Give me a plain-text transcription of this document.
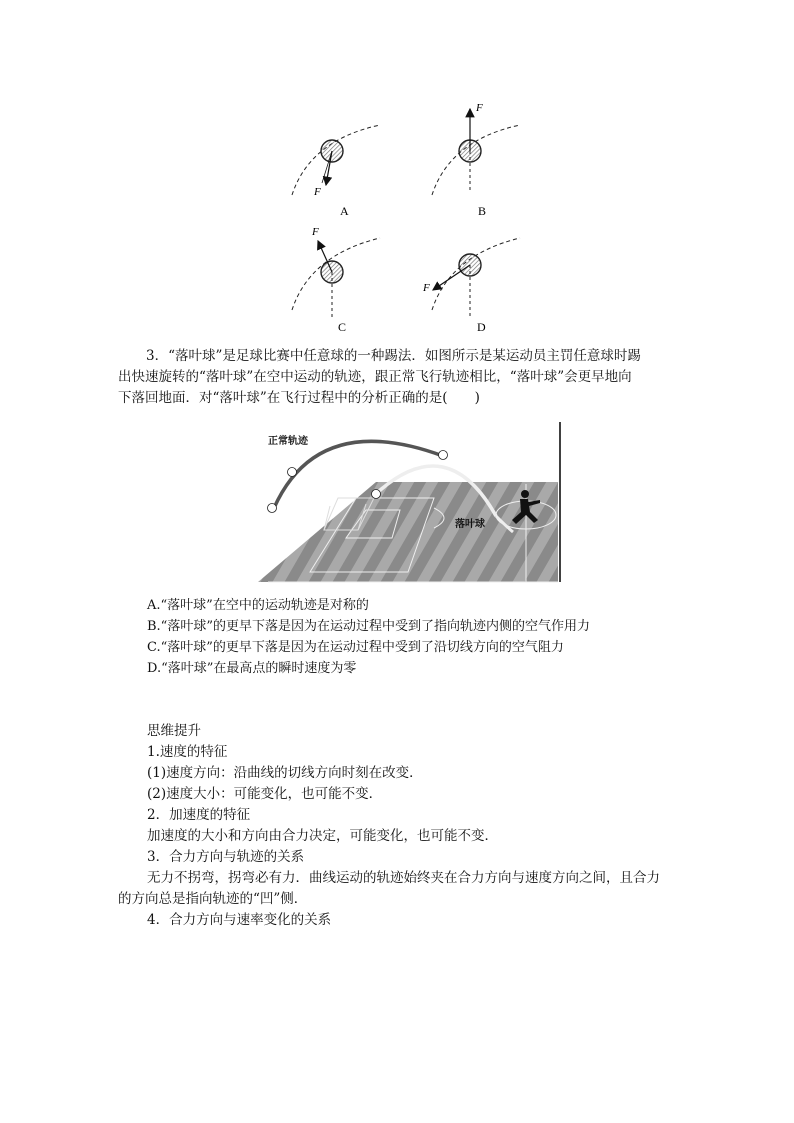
F
A
F
B
F
C
F
D
3．“落叶球”是足球比赛中任意球的一种踢法．如图所示是某运动员主罚任意球时踢
出快速旋转的“落叶球”在空中运动的轨迹，跟正常飞行轨迹相比，“落叶球”会更早地向
下落回地面．对“落叶球”在飞行过程中的分析正确的是(　　)
正常轨迹
落叶球
A.“落叶球”在空中的运动轨迹是对称的
B.“落叶球”的更早下落是因为在运动过程中受到了指向轨迹内侧的空气作用力
C.“落叶球”的更早下落是因为在运动过程中受到了沿切线方向的空气阻力
D.“落叶球”在最高点的瞬时速度为零
思维提升
1.速度的特征
(1)速度方向：沿曲线的切线方向时刻在改变．
(2)速度大小：可能变化，也可能不变．
2．加速度的特征
加速度的大小和方向由合力决定，可能变化，也可能不变．
3．合力方向与轨迹的关系
无力不拐弯，拐弯必有力．曲线运动的轨迹始终夹在合力方向与速度方向之间，且合力
的方向总是指向轨迹的“凹”侧．
4．合力方向与速率变化的关系
